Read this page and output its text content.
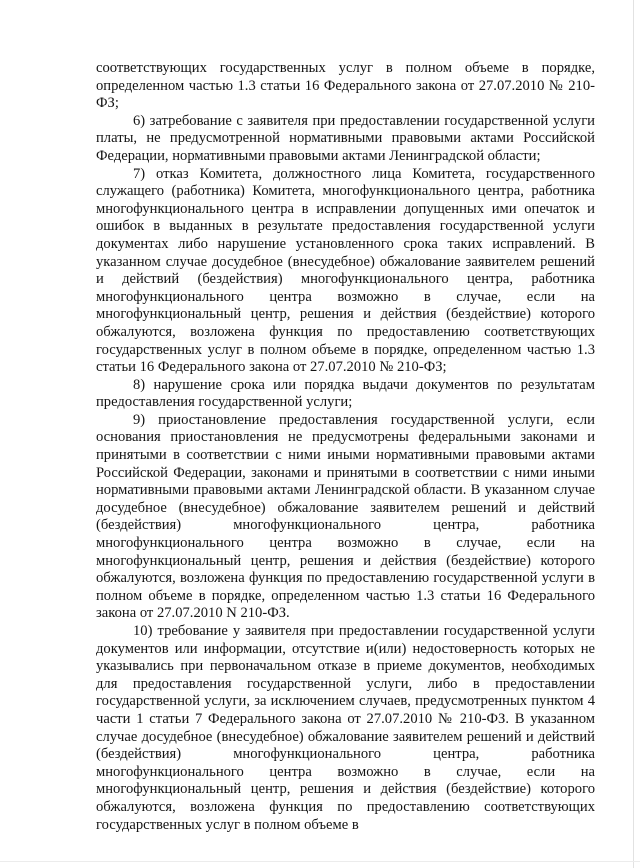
соответствующих государственных услуг в полном объеме в порядке, определенном частью 1.3 статьи 16 Федерального закона от 27.07.2010 № 210-ФЗ;

6) затребование с заявителя при предоставлении государственной услуги платы, не предусмотренной нормативными правовыми актами Российской Федерации, нормативными правовыми актами Ленинградской области;

7) отказ Комитета, должностного лица Комитета, государственного служащего (работника) Комитета, многофункционального центра, работника многофункционального центра в исправлении допущенных ими опечаток и ошибок в выданных в результате предоставления государственной услуги документах либо нарушение установленного срока таких исправлений. В указанном случае досудебное (внесудебное) обжалование заявителем решений и действий (бездействия) многофункционального центра, работника многофункционального центра возможно в случае, если на многофункциональный центр, решения и действия (бездействие) которого обжалуются, возложена функция по предоставлению соответствующих государственных услуг в полном объеме в порядке, определенном частью 1.3 статьи 16 Федерального закона от 27.07.2010 № 210-ФЗ;

8) нарушение срока или порядка выдачи документов по результатам предоставления государственной услуги;

9) приостановление предоставления государственной услуги, если основания приостановления не предусмотрены федеральными законами и принятыми в соответствии с ними иными нормативными правовыми актами Российской Федерации, законами и принятыми в соответствии с ними иными нормативными правовыми актами Ленинградской области. В указанном случае досудебное (внесудебное) обжалование заявителем решений и действий (бездействия) многофункционального центра, работника многофункционального центра возможно в случае, если на многофункциональный центр, решения и действия (бездействие) которого обжалуются, возложена функция по предоставлению государственной услуги в полном объеме в порядке, определенном частью 1.3 статьи 16 Федерального закона от 27.07.2010 N 210-ФЗ.

10) требование у заявителя при предоставлении государственной услуги документов или информации, отсутствие и(или) недостоверность которых не указывались при первоначальном отказе в приеме документов, необходимых для предоставления государственной услуги, либо в предоставлении государственной услуги, за исключением случаев, предусмотренных пунктом 4 части 1 статьи 7 Федерального закона от 27.07.2010 № 210-ФЗ. В указанном случае досудебное (внесудебное) обжалование заявителем решений и действий (бездействия) многофункционального центра, работника многофункционального центра возможно в случае, если на многофункциональный центр, решения и действия (бездействие) которого обжалуются, возложена функция по предоставлению соответствующих государственных услуг в полном объеме в
